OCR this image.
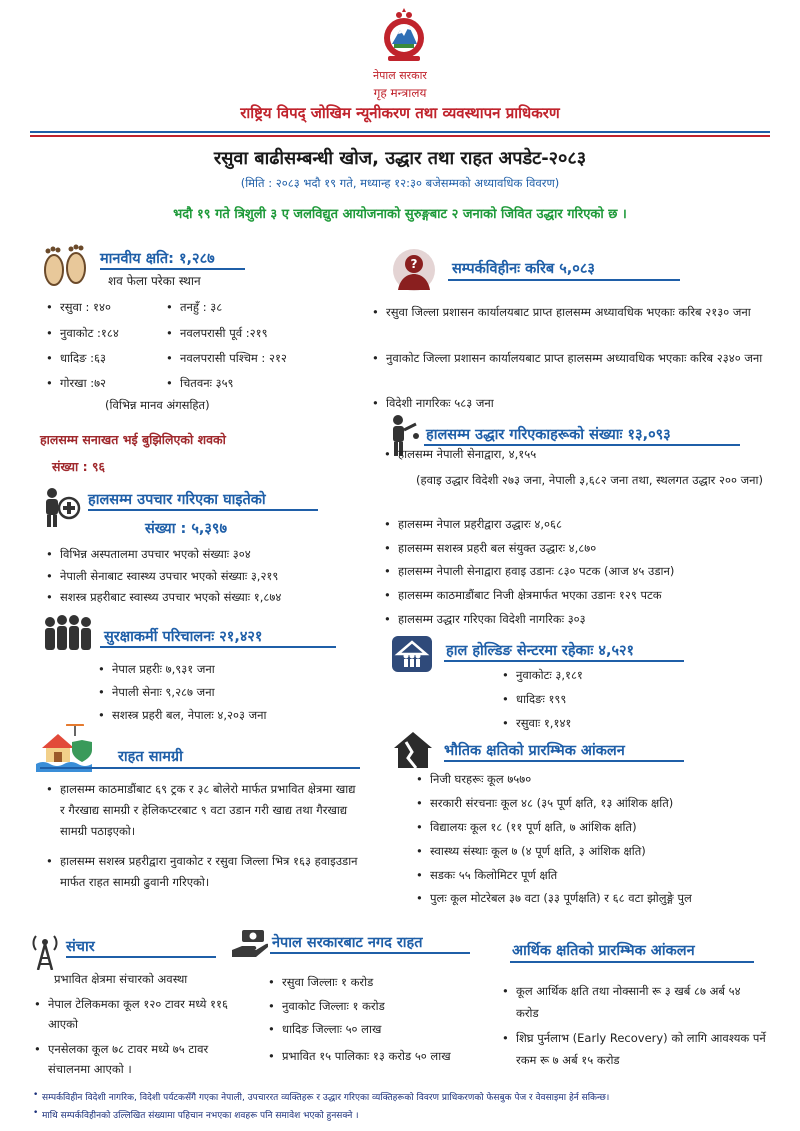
नेपाल सरकार
गृह मन्त्रालय
राष्ट्रिय विपद् जोखिम न्यूनीकरण तथा व्यवस्थापन प्राधिकरण
रसुवा बाढीसम्बन्धी खोज, उद्धार तथा राहत अपडेट-२०८३
(मिति : २०८३ भदौ १९ गते, मध्यान्ह १२:३० बजेसम्मको अध्यावधिक विवरण)
भदौ १९ गते त्रिशुली ३ ए जलविद्युत आयोजनाको सुरुङ्गबाट २ जनाको जिवित उद्धार गरिएको छ ।
मानवीय क्षति: १,२८७
शव फेला परेका स्थान
• रसुवा : १४०
• नुवाकोट :१८४
• धादिङ :६३
• गोरखा :७२
• तनहुँ : ३८
• नवलपरासी पूर्व :२१९
• नवलपरासी पश्चिम : २१२
• चितवनः ३५९
(विभिन्न मानव अंगसहित)
हालसम्म सनाखत भई बुझिलिएको शवको
संख्या : ९६
हालसम्म उपचार गरिएका घाइतेको
संख्या : ५,३९७
• विभिन्न अस्पतालमा उपचार भएको संख्याः ३०४
• नेपाली सेनाबाट स्वास्थ्य उपचार भएको संख्याः ३,२१९
• सशस्त्र प्रहरीबाट स्वास्थ्य उपचार भएको संख्याः १,८७४
सुरक्षाकर्मी परिचालनः २१,४२१
• नेपाल प्रहरीः ७,९३१ जना
• नेपाली सेनाः ९,२८७ जना
• सशस्त्र प्रहरी बल, नेपालः ४,२०३ जना
राहत सामग्री
• हालसम्म काठमाडौंबाट ६९ ट्रक र ३८ बोलेरो मार्फत प्रभावित क्षेत्रमा खाद्य र गैरखाद्य सामग्री र हेलिकप्टरबाट ९ वटा उडान गरी खाद्य तथा गैरखाद्य सामग्री पठाइएको।
• हालसम्म सशस्त्र प्रहरीद्वारा नुवाकोट र रसुवा जिल्ला भित्र १६३ हवाइउडान मार्फत राहत सामग्री ढुवानी गरिएको।
? सम्पर्कविहीनः करिब ५,०८३
• रसुवा जिल्ला प्रशासन कार्यालयबाट प्राप्त हालसम्म अध्यावधिक भएकाः करिब २१३० जना
• नुवाकोट जिल्ला प्रशासन कार्यालयबाट प्राप्त हालसम्म अध्यावधिक भएकाः करिब २३४० जना
• विदेशी नागरिकः ५८३ जना
हालसम्म उद्धार गरिएकाहरूको संख्याः १३,०९३
• हालसम्म नेपाली सेनाद्वारा, ४,१५५
(हवाइ उद्धार विदेशी २७३ जना, नेपाली ३,६८२ जना तथा, स्थलगत उद्धार २०० जना)
• हालसम्म नेपाल प्रहरीद्वारा उद्धारः ४,०६८
• हालसम्म सशस्त्र प्रहरी बल संयुक्त उद्धारः ४,८७०
• हालसम्म नेपाली सेनाद्वारा हवाइ उडानः ८३० पटक (आज ४५ उडान)
• हालसम्म काठमाडौंबाट निजी क्षेत्रमार्फत भएका उडानः १२९ पटक
• हालसम्म उद्धार गरिएका विदेशी नागरिकः ३०३
हाल होल्डिङ सेन्टरमा रहेकाः ४,५२१
• नुवाकोटः ३,१८१
• धादिङः १९९
• रसुवाः १,१४१
भौतिक क्षतिको प्रारम्भिक आंकलन
• निजी घरहरूः कूल ७५७०
• सरकारी संरचनाः कूल ४८ (३५ पूर्ण क्षति, १३ आंशिक क्षति)
• विद्यालयः कूल १८ (११ पूर्ण क्षति, ७ आंशिक क्षति)
• स्वास्थ्य संस्थाः कूल ७ (४ पूर्ण क्षति, ३ आंशिक क्षति)
• सडकः ५५ किलोमिटर पूर्ण क्षति
• पुलः कूल मोटरेबल ३७ वटा (३३ पूर्णक्षति) र ६८ वटा झोलुङ्गे पुल
संचार
प्रभावित क्षेत्रमा संचारको अवस्था
• नेपाल टेलिकमका कूल १२० टावर मध्ये ११६ आएको
• एनसेलका कूल ७८ टावर मध्ये ७५ टावर संचालनमा आएको ।
नेपाल सरकारबाट नगद राहत
• रसुवा जिल्लाः १ करोड
• नुवाकोट जिल्लाः १ करोड
• धादिङ जिल्लाः ५० लाख
• प्रभावित १५ पालिकाः १३ करोड ५० लाख
आर्थिक क्षतिको प्रारम्भिक आंकलन
• कूल आर्थिक क्षति तथा नोक्सानी रू ३ खर्ब ८७ अर्ब ५४ करोड
• शिघ्र पुर्नलाभ (Early Recovery) को लागि आवश्यक पर्ने रकम रू ७ अर्ब १५ करोड
• सम्पर्कविहीन विदेशी नागरिक, विदेशी पर्यटकसँगै गएका नेपाली, उपचाररत व्यक्तिहरू र उद्धार गरिएका व्यक्तिहरूको विवरण प्राधिकरणको फेसबुक पेज र वेवसाइमा हेर्न सकिन्छ।
• माथि सम्पर्कविहीनको उल्लिखित संख्यामा पहिचान नभएका शवहरू पनि समावेश भएको हुनसक्ने ।
